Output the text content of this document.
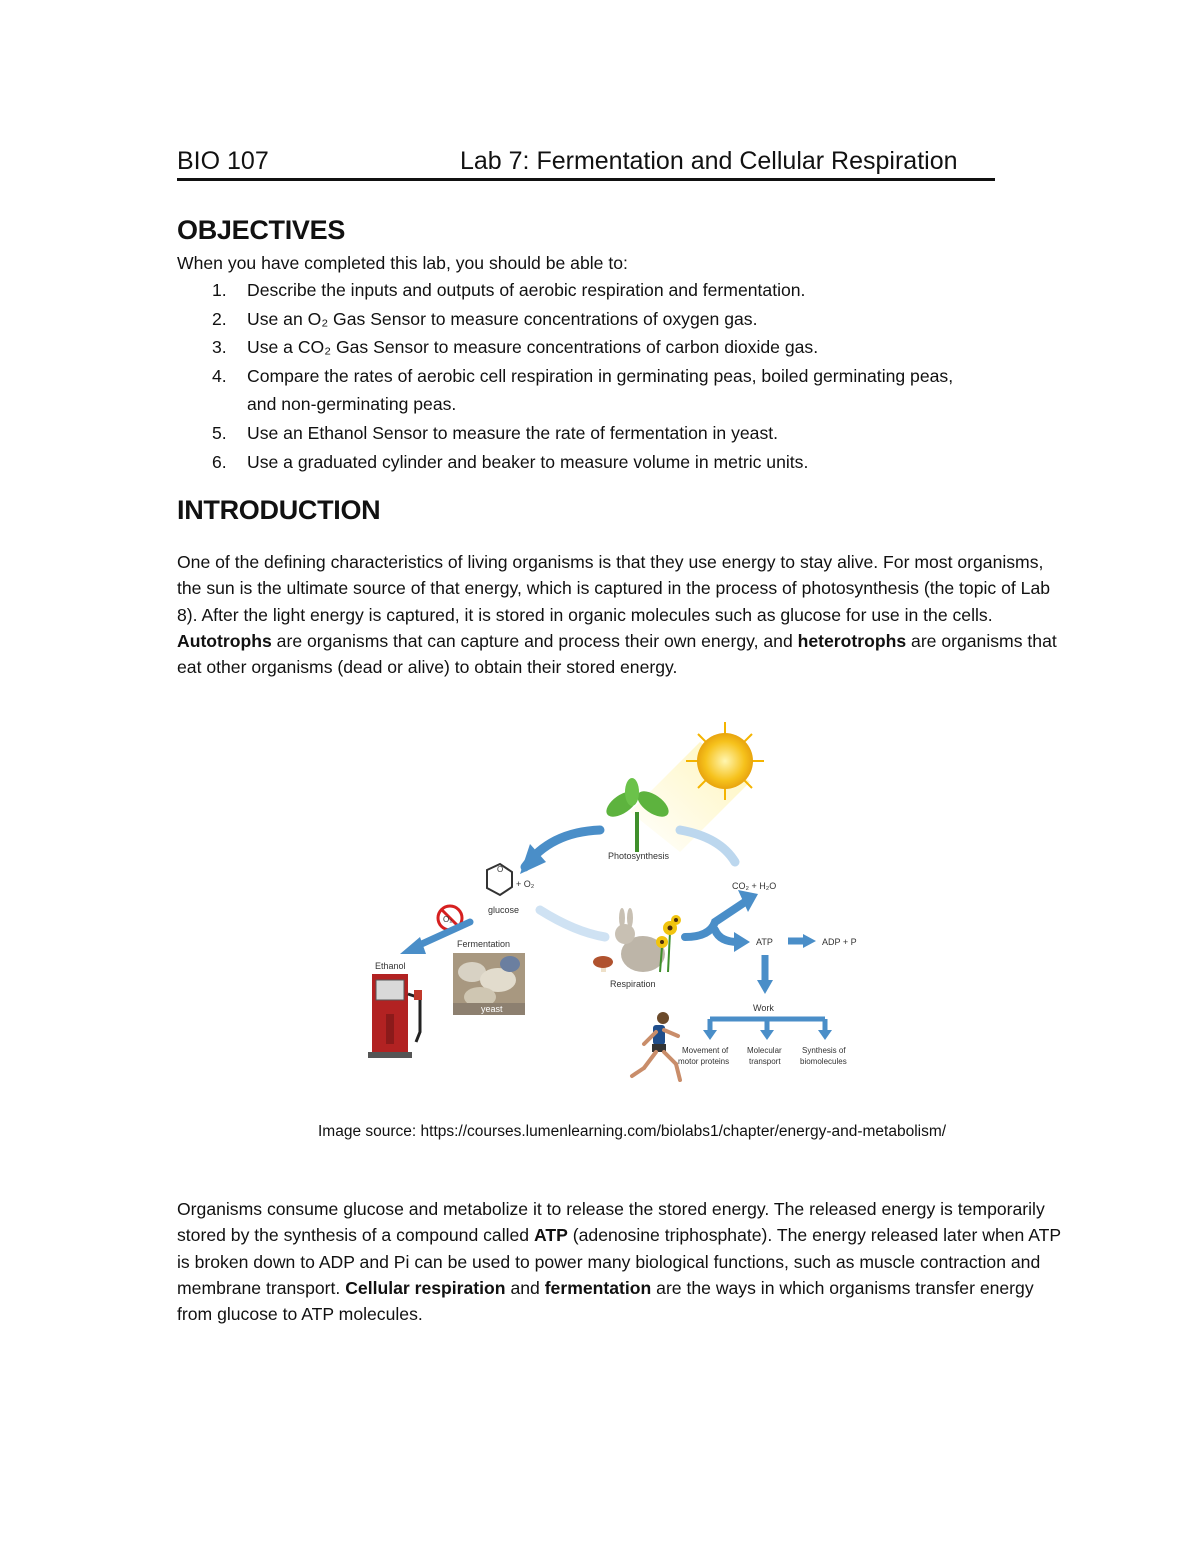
BIO 107	Lab 7: Fermentation and Cellular Respiration
OBJECTIVES
When you have completed this lab, you should be able to:
1. Describe the inputs and outputs of aerobic respiration and fermentation.
2. Use an O₂ Gas Sensor to measure concentrations of oxygen gas.
3. Use a CO₂ Gas Sensor to measure concentrations of carbon dioxide gas.
4. Compare the rates of aerobic cell respiration in germinating peas, boiled germinating peas,
and non-germinating peas.
5. Use an Ethanol Sensor to measure the rate of fermentation in yeast.
6. Use a graduated cylinder and beaker to measure volume in metric units.
INTRODUCTION

One of the defining characteristics of living organisms is that they use energy to stay alive. For most organisms, the sun is the ultimate source of that energy, which is captured in the process of photosynthesis (the topic of Lab 8). After the light energy is captured, it is stored in organic molecules such as glucose for use in the cells. Autotrophs are organisms that can capture and process their own energy, and heterotrophs are organisms that eat other organisms (dead or alive) to obtain their stored energy.

Photosynthesis
O
+ O₂
glucose
O₂
Ethanol
Fermentation
yeast
Respiration
CO₂ + H₂O
ATP	ADP + P
Work
Movement of
motor proteins
Molecular
transport
Synthesis of
biomolecules
Image source: https://courses.lumenlearning.com/biolabs1/chapter/energy-and-metabolism/

Organisms consume glucose and metabolize it to release the stored energy. The released energy is temporarily stored by the synthesis of a compound called ATP (adenosine triphosphate). The energy released later when ATP is broken down to ADP and Pi can be used to power many biological functions, such as muscle contraction and membrane transport. Cellular respiration and fermentation are the ways in which organisms transfer energy from glucose to ATP molecules.
